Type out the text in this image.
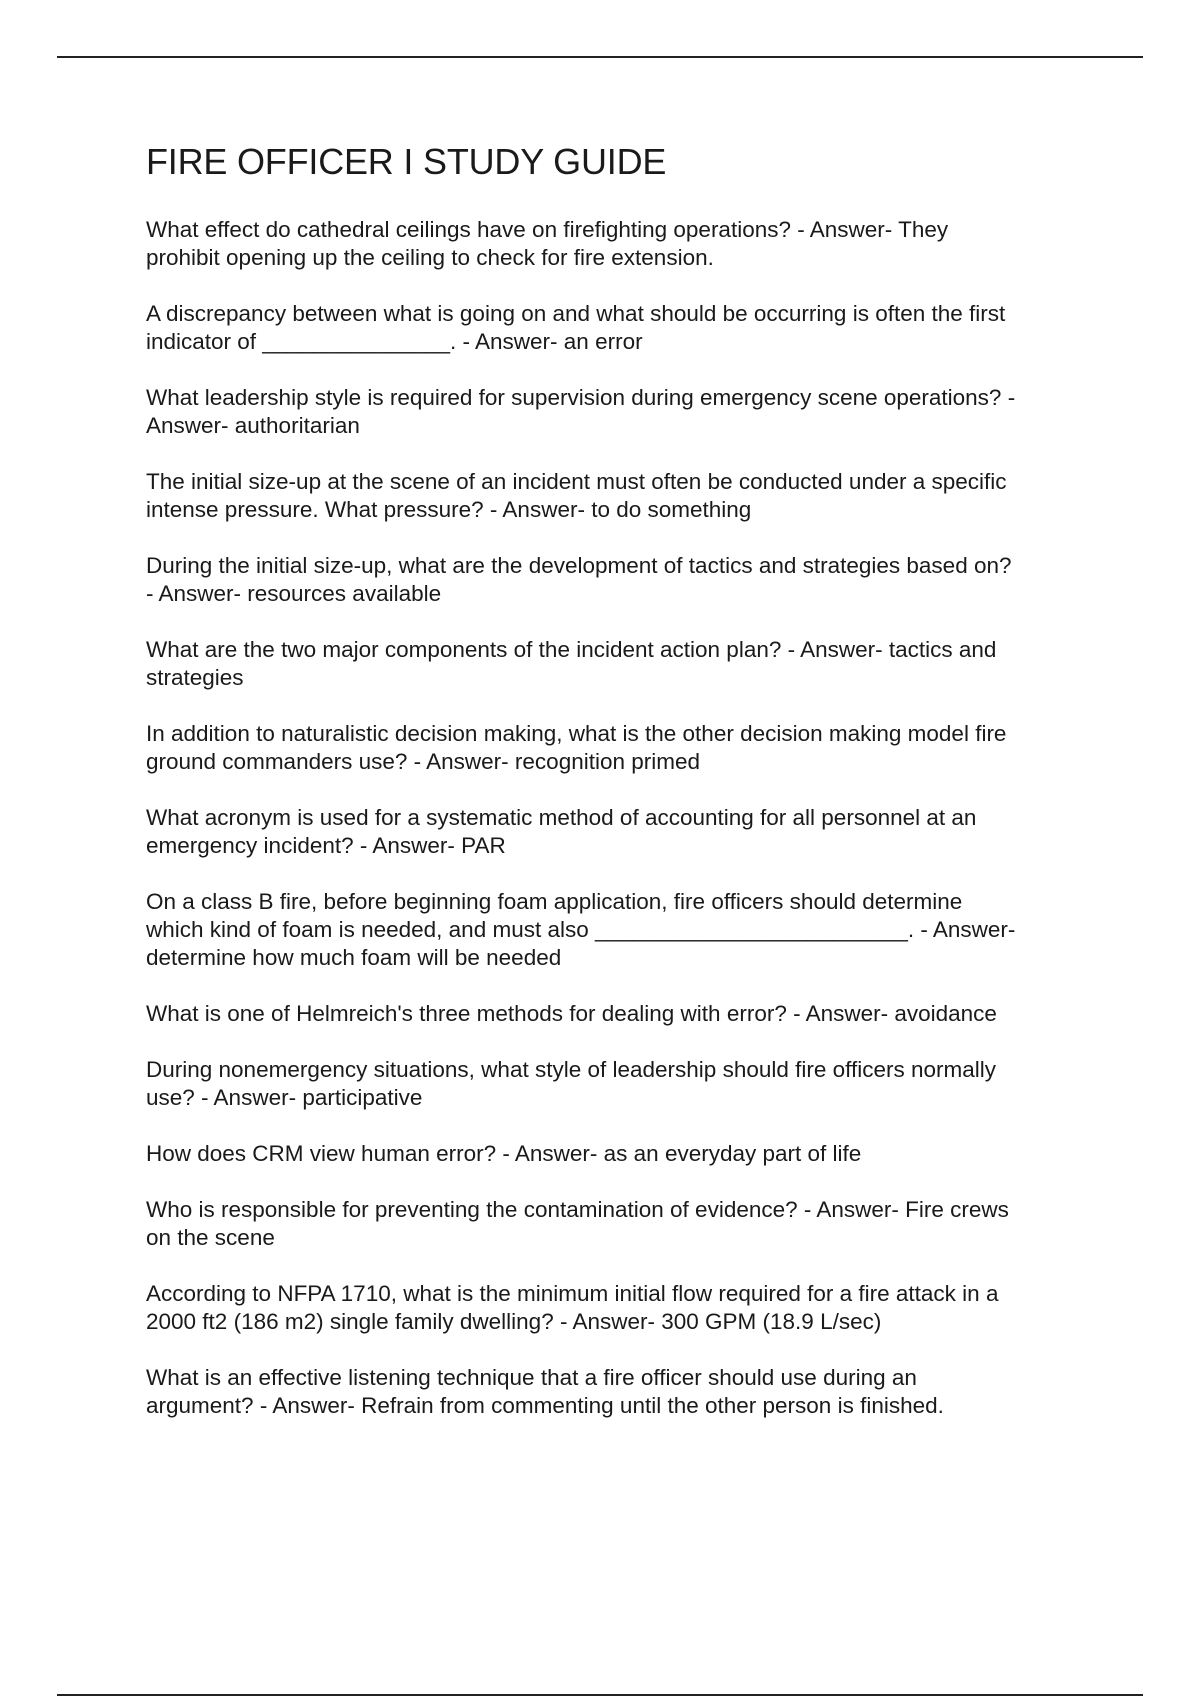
FIRE OFFICER I STUDY GUIDE

What effect do cathedral ceilings have on firefighting operations? - Answer- They
prohibit opening up the ceiling to check for fire extension.

A discrepancy between what is going on and what should be occurring is often the first
indicator of _______________. - Answer- an error

What leadership style is required for supervision during emergency scene operations? -
Answer- authoritarian

The initial size-up at the scene of an incident must often be conducted under a specific
intense pressure. What pressure? - Answer- to do something

During the initial size-up, what are the development of tactics and strategies based on?
- Answer- resources available

What are the two major components of the incident action plan? - Answer- tactics and
strategies

In addition to naturalistic decision making, what is the other decision making model fire
ground commanders use? - Answer- recognition primed

What acronym is used for a systematic method of accounting for all personnel at an
emergency incident? - Answer- PAR

On a class B fire, before beginning foam application, fire officers should determine
which kind of foam is needed, and must also _________________________. - Answer-
determine how much foam will be needed

What is one of Helmreich's three methods for dealing with error? - Answer- avoidance

During nonemergency situations, what style of leadership should fire officers normally
use? - Answer- participative

How does CRM view human error? - Answer- as an everyday part of life

Who is responsible for preventing the contamination of evidence? - Answer- Fire crews
on the scene

According to NFPA 1710, what is the minimum initial flow required for a fire attack in a
2000 ft2 (186 m2) single family dwelling? - Answer- 300 GPM (18.9 L/sec)

What is an effective listening technique that a fire officer should use during an
argument? - Answer- Refrain from commenting until the other person is finished.
